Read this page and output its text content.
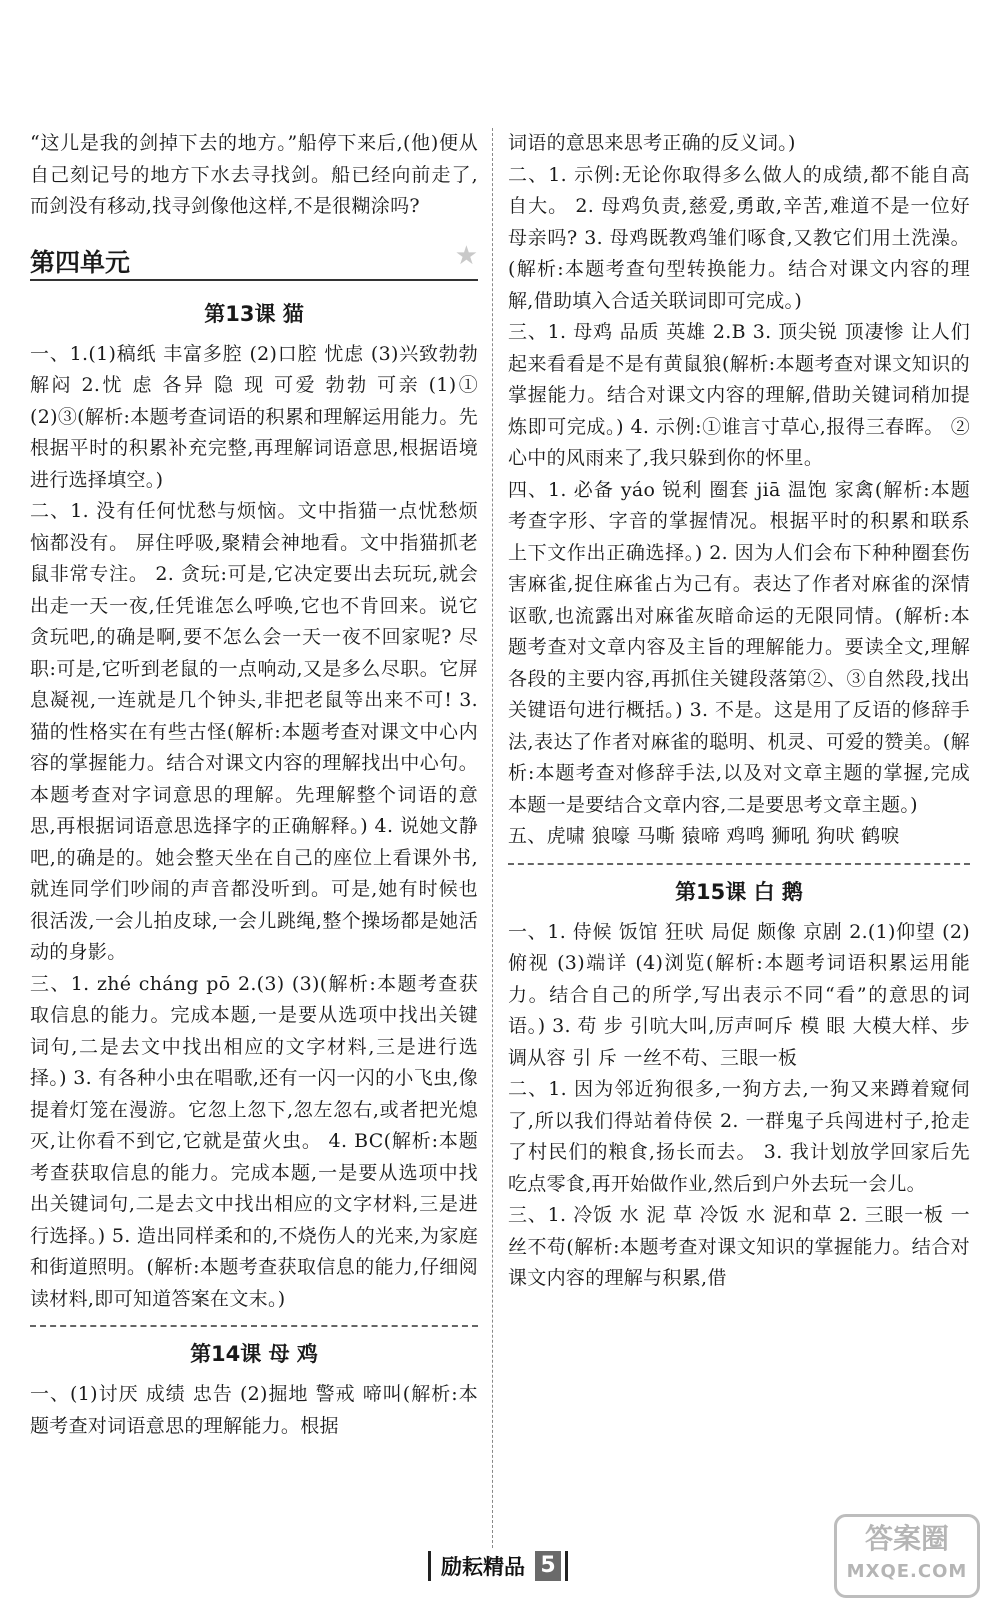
“这儿是我的剑掉下去的地方。”船停下来后,(他)便从自己刻记号的地方下水去寻找剑。船已经向前走了,而剑没有移动,找寻剑像他这样,不是很糊涂吗?

第四单元	★
第13课 猫

一、1.(1)稿纸 丰富多腔 (2)口腔 忧虑 (3)兴致勃勃 解闷 2.忧 虑 各异 隐 现 可爱 勃勃 可亲 (1)① (2)③(解析:本题考查词语的积累和理解运用能力。先根据平时的积累补充完整,再理解词语意思,根据语境进行选择填空。)

二、1. 没有任何忧愁与烦恼。文中指猫一点忧愁烦恼都没有。 屏住呼吸,聚精会神地看。文中指猫抓老鼠非常专注。 2. 贪玩:可是,它决定要出去玩玩,就会出走一天一夜,任凭谁怎么呼唤,它也不肯回来。说它贪玩吧,的确是啊,要不怎么会一天一夜不回家呢? 尽职:可是,它听到老鼠的一点响动,又是多么尽职。它屏息凝视,一连就是几个钟头,非把老鼠等出来不可! 3. 猫的性格实在有些古怪(解析:本题考查对课文中心内容的掌握能力。结合对课文内容的理解找出中心句。本题考查对字词意思的理解。先理解整个词语的意思,再根据词语意思选择字的正确解释。) 4. 说她文静吧,的确是的。她会整天坐在自己的座位上看课外书,就连同学们吵闹的声音都没听到。可是,她有时候也很活泼,一会儿拍皮球,一会儿跳绳,整个操场都是她活动的身影。

三、1. zhé cháng pō 2.(3) (3)(解析:本题考查获取信息的能力。完成本题,一是要从选项中找出关键词句,二是去文中找出相应的文字材料,三是进行选择。) 3. 有各种小虫在唱歌,还有一闪一闪的小飞虫,像提着灯笼在漫游。它忽上忽下,忽左忽右,或者把光熄灭,让你看不到它,它就是萤火虫。 4. BC(解析:本题考查获取信息的能力。完成本题,一是要从选项中找出关键词句,二是去文中找出相应的文字材料,三是进行选择。) 5. 造出同样柔和的,不烧伤人的光来,为家庭和街道照明。(解析:本题考查获取信息的能力,仔细阅读材料,即可知道答案在文末。)

第14课 母 鸡

一、(1)讨厌 成绩 忠告 (2)掘地 警戒 啼叫(解析:本题考查对词语意思的理解能力。根据

词语的意思来思考正确的反义词。)

二、1. 示例:无论你取得多么做人的成绩,都不能自高自大。 2. 母鸡负责,慈爱,勇敢,辛苦,难道不是一位好母亲吗? 3. 母鸡既教鸡雏们啄食,又教它们用土洗澡。(解析:本题考查句型转换能力。结合对课文内容的理解,借助填入合适关联词即可完成。)

三、1. 母鸡 品质 英雄 2.B 3. 顶尖锐 顶凄惨 让人们起来看看是不是有黄鼠狼(解析:本题考查对课文知识的掌握能力。结合对课文内容的理解,借助关键词稍加提炼即可完成。) 4. 示例:①谁言寸草心,报得三春晖。 ②心中的风雨来了,我只躲到你的怀里。

四、1. 必备 yáo 锐利 圈套 jiā 温饱 家禽(解析:本题考查字形、字音的掌握情况。根据平时的积累和联系上下文作出正确选择。) 2. 因为人们会布下种种圈套伤害麻雀,捉住麻雀占为己有。表达了作者对麻雀的深情讴歌,也流露出对麻雀灰暗命运的无限同情。(解析:本题考查对文章内容及主旨的理解能力。要读全文,理解各段的主要内容,再抓住关键段落第②、③自然段,找出关键语句进行概括。) 3. 不是。这是用了反语的修辞手法,表达了作者对麻雀的聪明、机灵、可爱的赞美。(解析:本题考查对修辞手法,以及对文章主题的掌握,完成本题一是要结合文章内容,二是要思考文章主题。)

五、虎啸 狼嚎 马嘶 猿啼 鸡鸣 狮吼 狗吠 鹤唳

第15课 白 鹅

一、1. 侍候 饭馆 狂吠 局促 颇像 京剧 2.(1)仰望 (2)俯视 (3)端详 (4)浏览(解析:本题考词语积累运用能力。结合自己的所学,写出表示不同“看”的意思的词语。) 3. 苟 步 引吭大叫,厉声呵斥 模 眼 大模大样、步调从容 引 斥 一丝不苟、三眼一板

二、1. 因为邻近狗很多,一狗方去,一狗又来蹲着窥伺了,所以我们得站着侍侯 2. 一群鬼子兵闯进村子,抢走了村民们的粮食,扬长而去。 3. 我计划放学回家后先吃点零食,再开始做作业,然后到户外去玩一会儿。

三、1. 冷饭 水 泥 草 冷饭 水 泥和草 2. 三眼一板 一丝不苟(解析:本题考查对课文知识的掌握能力。结合对课文内容的理解与积累,借

励耘精品 5
答案圈
MXQE.COM
